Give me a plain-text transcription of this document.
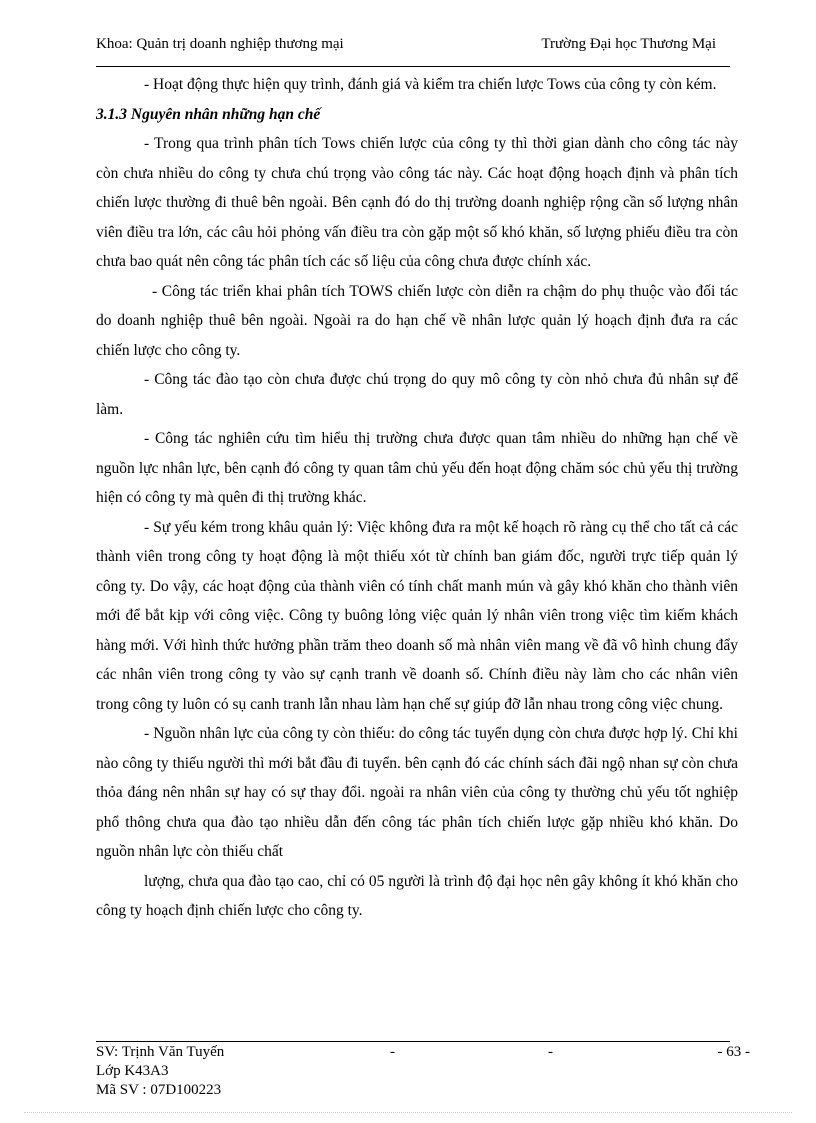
Khoa: Quản trị doanh nghiệp thương mại	Trường Đại học Thương Mại

- Hoạt động thực hiện quy trình, đánh giá và kiểm tra chiến lược Tows của công ty còn kém.

3.1.3 Nguyên nhân những hạn chế

- Trong qua trình phân tích Tows chiến lược của công ty thì thời gian dành cho công tác này còn chưa nhiều do công ty chưa chú trọng vào công tác này. Các hoạt động hoạch định và phân tích chiến lược thường đi thuê bên ngoài. Bên cạnh đó do thị trường doanh nghiệp rộng cần số lượng nhân viên điều tra lớn, các câu hỏi phỏng vấn điều tra còn gặp một số khó khăn, số lượng phiếu điều tra còn chưa bao quát nên công tác phân tích các số liệu của công chưa được chính xác.

- Công tác triển khai phân tích TOWS chiến lược còn diễn ra chậm do phụ thuộc vào đối tác do doanh nghiệp thuê bên ngoài. Ngoài ra do hạn chế về nhân lược quản lý hoạch định đưa ra các chiến lược cho công ty.

- Công tác đào tạo còn chưa được chú trọng do quy mô công ty còn nhỏ chưa đủ nhân sự để làm.

- Công tác nghiên cứu tìm hiểu thị trường chưa được quan tâm nhiều do những hạn chế về nguồn lực nhân lực, bên cạnh đó công ty quan tâm chủ yếu đến hoạt động chăm sóc chủ yếu thị trường hiện có công ty mà quên đi thị trường khác.

- Sự yếu kém trong khâu quản lý: Việc không đưa ra một kế hoạch rõ ràng cụ thể cho tất cả các thành viên trong công ty hoạt động là một thiếu xót từ chính ban giám đốc, người trực tiếp quản lý công ty. Do vậy, các hoạt động của thành viên có tính chất manh mún và gây khó khăn cho thành viên mới để bắt kịp với công việc. Công ty buông lỏng việc quản lý nhân viên trong việc tìm kiếm khách hàng mới. Với hình thức hưởng phần trăm theo doanh số mà nhân viên mang về đã vô hình chung đẩy các nhân viên trong công ty vào sự cạnh tranh về doanh số. Chính điều này làm cho các nhân viên trong công ty luôn có sụ canh tranh lẫn nhau làm hạn chế sự giúp đỡ lẫn nhau trong công việc chung.

- Nguồn nhân lực của công ty còn thiếu: do công tác tuyển dụng còn chưa được hợp lý. Chỉ khi nào công ty thiếu người thì mới bắt đầu đi tuyển. bên cạnh đó các chính sách đãi ngộ nhan sự còn chưa thỏa đáng nên nhân sự hay có sự thay đổi. ngoài ra nhân viên của công ty thường chủ yếu tốt nghiệp phổ thông chưa qua đào tạo nhiều dẫn đến công tác phân tích chiến lược gặp nhiều khó khăn. Do nguồn nhân lực còn thiếu chất

lượng, chưa qua đào tạo cao, chỉ có 05 người là trình độ đại học nên gây không ít khó khăn cho công ty hoạch định chiến lược cho công ty.

SV: Trịnh Văn Tuyến	-	-	- 63 -
Lớp K43A3
Mã SV : 07D100223
